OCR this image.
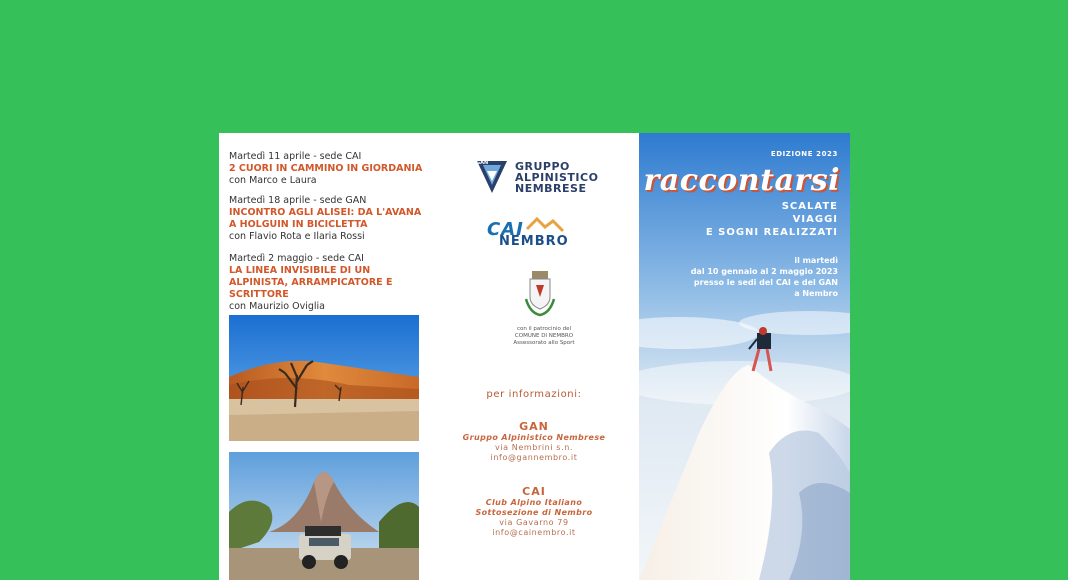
Martedì 11 aprile - sede CAI
2 CUORI IN CAMMINO IN GIORDANIA
con Marco e Laura
Martedì 18 aprile - sede GAN
INCONTRO AGLI ALISEI: DA L'AVANA A HOLGUIN IN BICICLETTA
con Flavio Rota e Ilaria Rossi
Martedì 2 maggio - sede CAI
LA LINEA INVISIBILE DI UN ALPINISTA, ARRAMPICATORE E SCRITTORE
con Maurizio Oviglia
GAN GRUPPO
ALPINISTICO
NEMBRESE
CAI
NEMBRO
con il patrocinio del
COMUNE DI NEMBRO
Assessorato allo Sport
per informazioni:
GAN
Gruppo Alpinistico Nembrese
via Nembrini s.n.
info@gannembro.it
CAI
Club Alpino Italiano
Sottosezione di Nembro
via Gavarno 79
info@cainembro.it
EDIZIONE 2023
raccontarsi
SCALATE
VIAGGI
E SOGNI REALIZZATI
il martedì
dal 10 gennaio al 2 maggio 2023
presso le sedi del CAI e del GAN
a Nembro
